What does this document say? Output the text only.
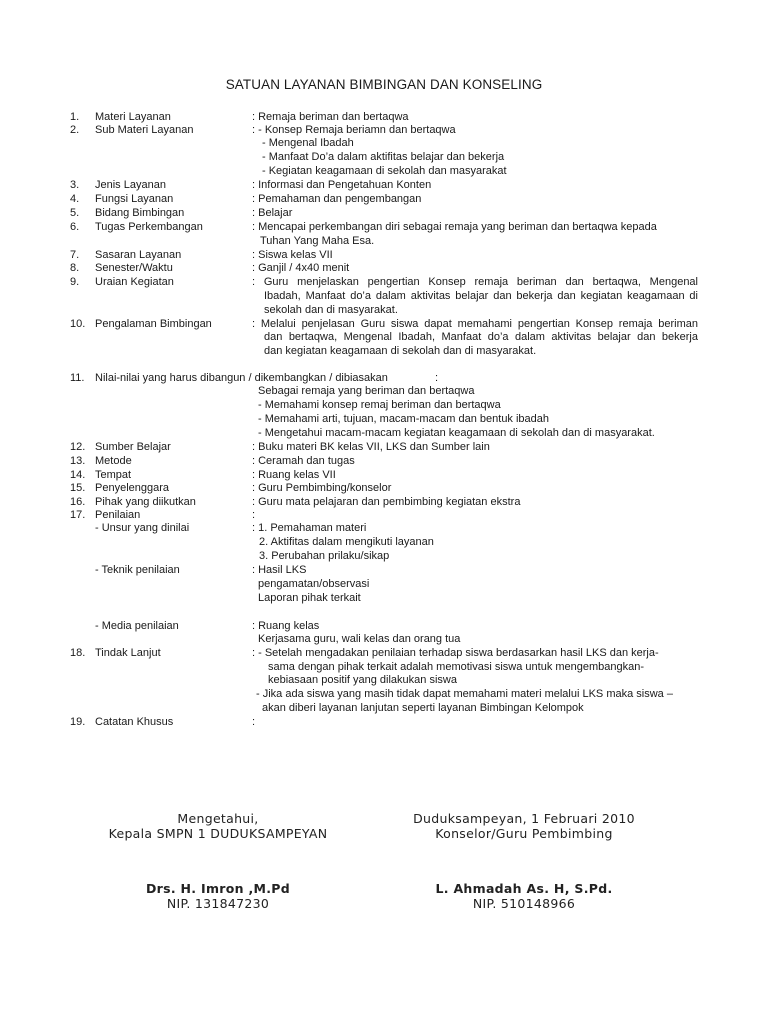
SATUAN LAYANAN BIMBINGAN DAN KONSELING
1. Materi Layanan	: Remaja beriman dan bertaqwa
2. Sub Materi Layanan	: - Konsep Remaja beriamn dan bertaqwa
- Mengenal Ibadah
- Manfaat Do’a dalam aktifitas belajar dan bekerja
- Kegiatan keagamaan di sekolah dan masyarakat
3. Jenis Layanan	: Informasi dan Pengetahuan Konten
4. Fungsi Layanan	: Pemahaman dan pengembangan
5. Bidang Bimbingan	: Belajar
6. Tugas Perkembangan	: Mencapai perkembangan diri sebagai remaja yang beriman dan bertaqwa kepada
Tuhan Yang Maha Esa.
7. Sasaran Layanan	: Siswa kelas VII
8. Senester/Waktu	: Ganjil / 4x40 menit
9. Uraian Kegiatan	: Guru menjelaskan pengertian Konsep remaja beriman dan bertaqwa, Mengenal
Ibadah, Manfaat do’a dalam aktivitas belajar dan bekerja dan kegiatan keagamaan di
sekolah dan di masyarakat.
10. Pengalaman Bimbingan	: Melalui penjelasan Guru siswa dapat memahami pengertian Konsep remaja beriman
dan bertaqwa, Mengenal Ibadah, Manfaat do’a dalam aktivitas belajar dan bekerja
dan kegiatan keagamaan di sekolah dan di masyarakat.
11. Nilai-nilai yang harus dibangun / dikembangkan / dibiasakan	:
Sebagai remaja yang beriman dan bertaqwa
- Memahami konsep remaj beriman dan bertaqwa
- Memahami arti, tujuan, macam-macam dan bentuk ibadah
- Mengetahui macam-macam kegiatan keagamaan di sekolah dan di masyarakat.
12. Sumber Belajar	: Buku materi BK kelas VII, LKS dan Sumber lain
13. Metode	: Ceramah dan tugas
14. Tempat	: Ruang kelas VII
15. Penyelenggara	: Guru Pembimbing/konselor
16. Pihak yang diikutkan	: Guru mata pelajaran dan pembimbing kegiatan ekstra
17. Penilaian	:
- Unsur yang dinilai	: 1. Pemahaman materi
2. Aktifitas dalam mengikuti layanan
3. Perubahan prilaku/sikap
- Teknik penilaian	: Hasil LKS
pengamatan/observasi
Laporan pihak terkait
- Media penilaian	: Ruang kelas
Kerjasama guru, wali kelas dan orang tua
18. Tindak Lanjut	: - Setelah mengadakan penilaian terhadap siswa berdasarkan hasil LKS dan kerja-
sama dengan pihak terkait adalah memotivasi siswa untuk mengembangkan-
kebiasaan positif yang dilakukan siswa
- Jika ada siswa yang masih tidak dapat memahami materi melalui LKS maka siswa –
akan diberi layanan lanjutan seperti layanan Bimbingan Kelompok
19. Catatan Khusus	:
Mengetahui,
Kepala SMPN 1 DUDUKSAMPEYAN
Drs. H. Imron ,M.Pd
NIP. 131847230
Duduksampeyan, 1 Februari 2010
Konselor/Guru Pembimbing
L. Ahmadah As. H, S.Pd.
NIP. 510148966
